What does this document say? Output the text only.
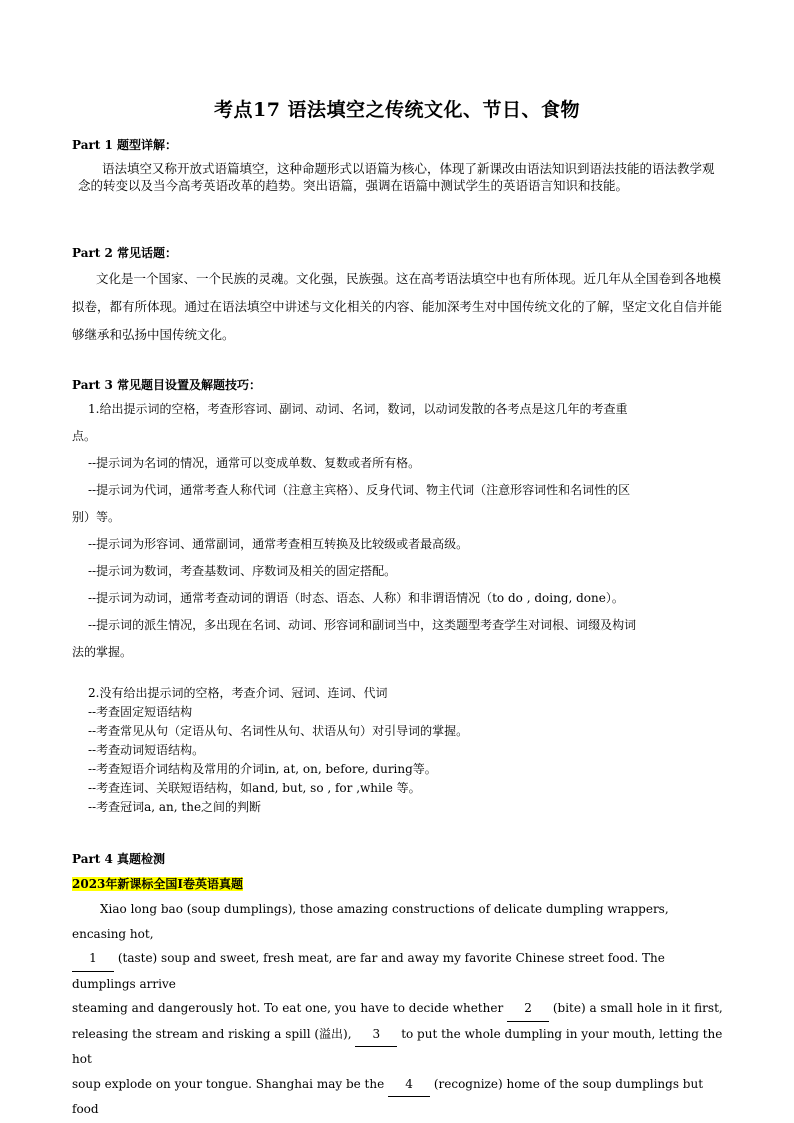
考点17 语法填空之传统文化、节日、食物

Part 1 题型详解：

语法填空又称开放式语篇填空，这种命题形式以语篇为核心，体现了新课改由语法知识到语法技能的语法教学观念的转变以及当今高考英语改革的趋势。突出语篇，强调在语篇中测试学生的英语语言知识和技能。

Part 2 常见话题：

文化是一个国家、一个民族的灵魂。文化强，民族强。这在高考语法填空中也有所体现。近几年从全国卷到各地模拟卷，都有所体现。通过在语法填空中讲述与文化相关的内容、能加深考生对中国传统文化的了解，坚定文化自信并能够继承和弘扬中国传统文化。

Part 3 常见题目设置及解题技巧：

1.给出提示词的空格，考查形容词、副词、动词、名词，数词，以动词发散的各考点是这几年的考查重

点。

--提示词为名词的情况，通常可以变成单数、复数或者所有格。

--提示词为代词，通常考查人称代词（注意主宾格）、反身代词、物主代词（注意形容词性和名词性的区

别）等。

--提示词为形容词、通常副词，通常考查相互转换及比较级或者最高级。

--提示词为数词，考查基数词、序数词及相关的固定搭配。

--提示词为动词，通常考查动词的谓语（时态、语态、人称）和非谓语情况（to do , doing, done）。

--提示词的派生情况，多出现在名词、动词、形容词和副词当中，这类题型考查学生对词根、词缀及构词

法的掌握。

2.没有给出提示词的空格，考查介词、冠词、连词、代词

--考查固定短语结构

--考查常见从句（定语从句、名词性从句、状语从句）对引导词的掌握。

--考查动词短语结构。

--考查短语介词结构及常用的介词in, at, on, before, during等。

--考查连词、关联短语结构，如and, but, so , for ,while 等。

--考查冠词a, an, the之间的判断

Part 4 真题检测

2023年新课标全国Ⅰ卷英语真题

Xiao long bao (soup dumplings), those amazing constructions of delicate dumpling wrappers, encasing hot,

1 (taste) soup and sweet, fresh meat, are far and away my favorite Chinese street food. The dumplings arrive

steaming and dangerously hot. To eat one, you have to decide whether 2 (bite) a small hole in it first,

releasing the stream and risking a spill (溢出), 3 to put the whole dumpling in your mouth, letting the hot

soup explode on your tongue. Shanghai may be the 4 (recognize) home of the soup dumplings but food
